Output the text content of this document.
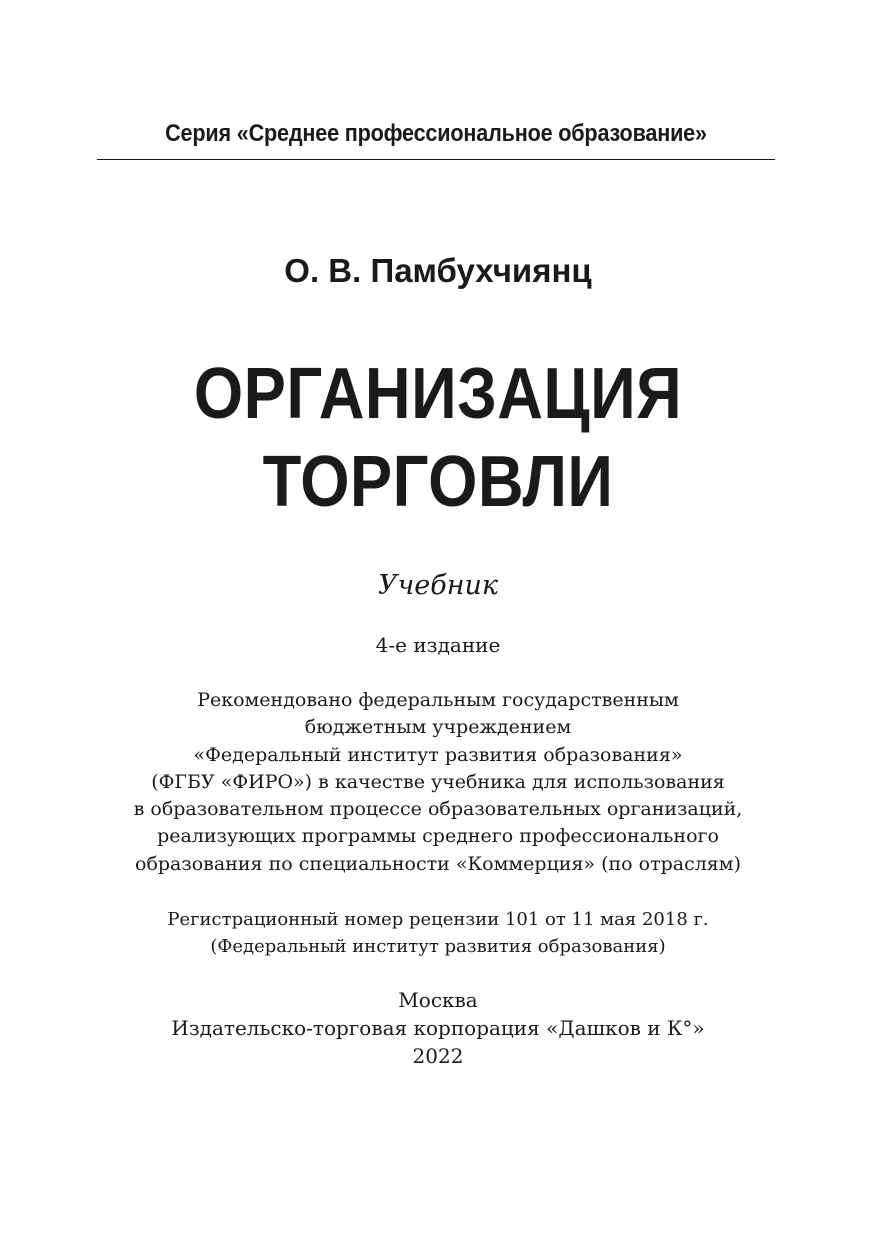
Серия «Среднее профессиональное образование»
О. В. Памбухчиянц
ОРГАНИЗАЦИЯ
ТОРГОВЛИ
Учебник
4-е издание
Рекомендовано федеральным государственным
бюджетным учреждением
«Федеральный институт развития образования»
(ФГБУ «ФИРО») в качестве учебника для использования
в образовательном процессе образовательных организаций,
реализующих программы среднего профессионального
образования по специальности «Коммерция» (по отраслям)
Регистрационный номер рецензии 101 от 11 мая 2018 г.
(Федеральный институт развития образования)
Москва
Издательско-торговая корпорация «Дашков и К°»
2022
